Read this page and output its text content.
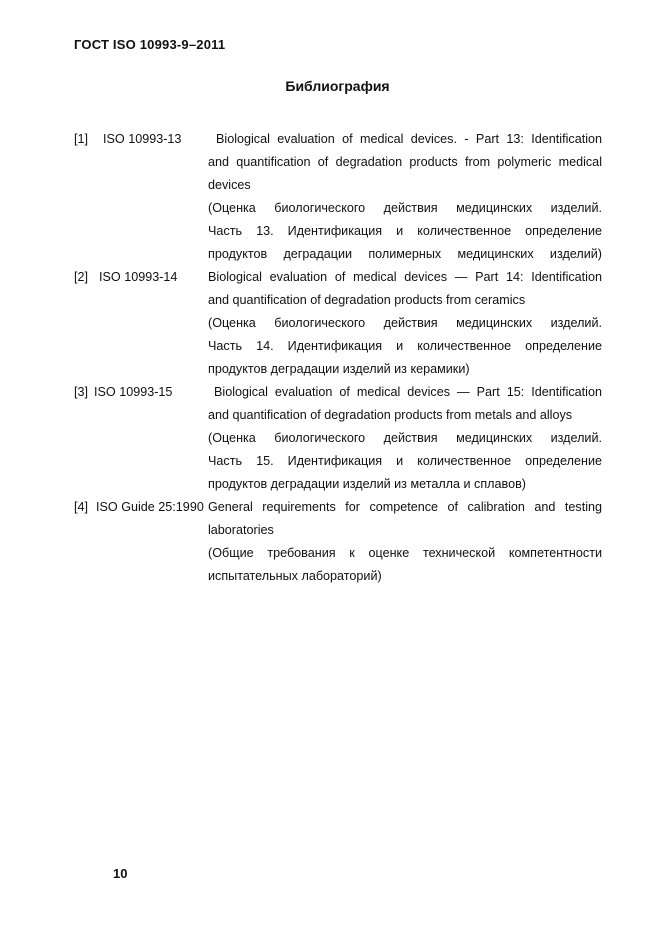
ГОСТ ISO 10993-9–2011
Библиография
[1] ISO 10993-13	Biological evaluation of medical devices. - Part 13: Identification
and quantification of degradation products from polymeric medical
devices
(Оценка биологического действия медицинских изделий.
Часть 13. Идентификация и количественное определение
продуктов деградации полимерных медицинских изделий)
[2] ISO 10993-14 Biological evaluation of medical devices — Part 14: Identification
and quantification of degradation products from ceramics
(Оценка биологического действия медицинских изделий.
Часть 14. Идентификация и количественное определение
продуктов деградации изделий из керамики)
[3] ISO 10993-15	Biological evaluation of medical devices — Part 15: Identification
and quantification of degradation products from metals and alloys
(Оценка биологического действия медицинских изделий.
Часть 15. Идентификация и количественное определение
продуктов деградации изделий из металла и сплавов)
[4] ISO Guide 25:1990 General requirements for competence of calibration and testing
laboratories
(Общие требования к оценке технической компетентности
испытательных лабораторий)
10
